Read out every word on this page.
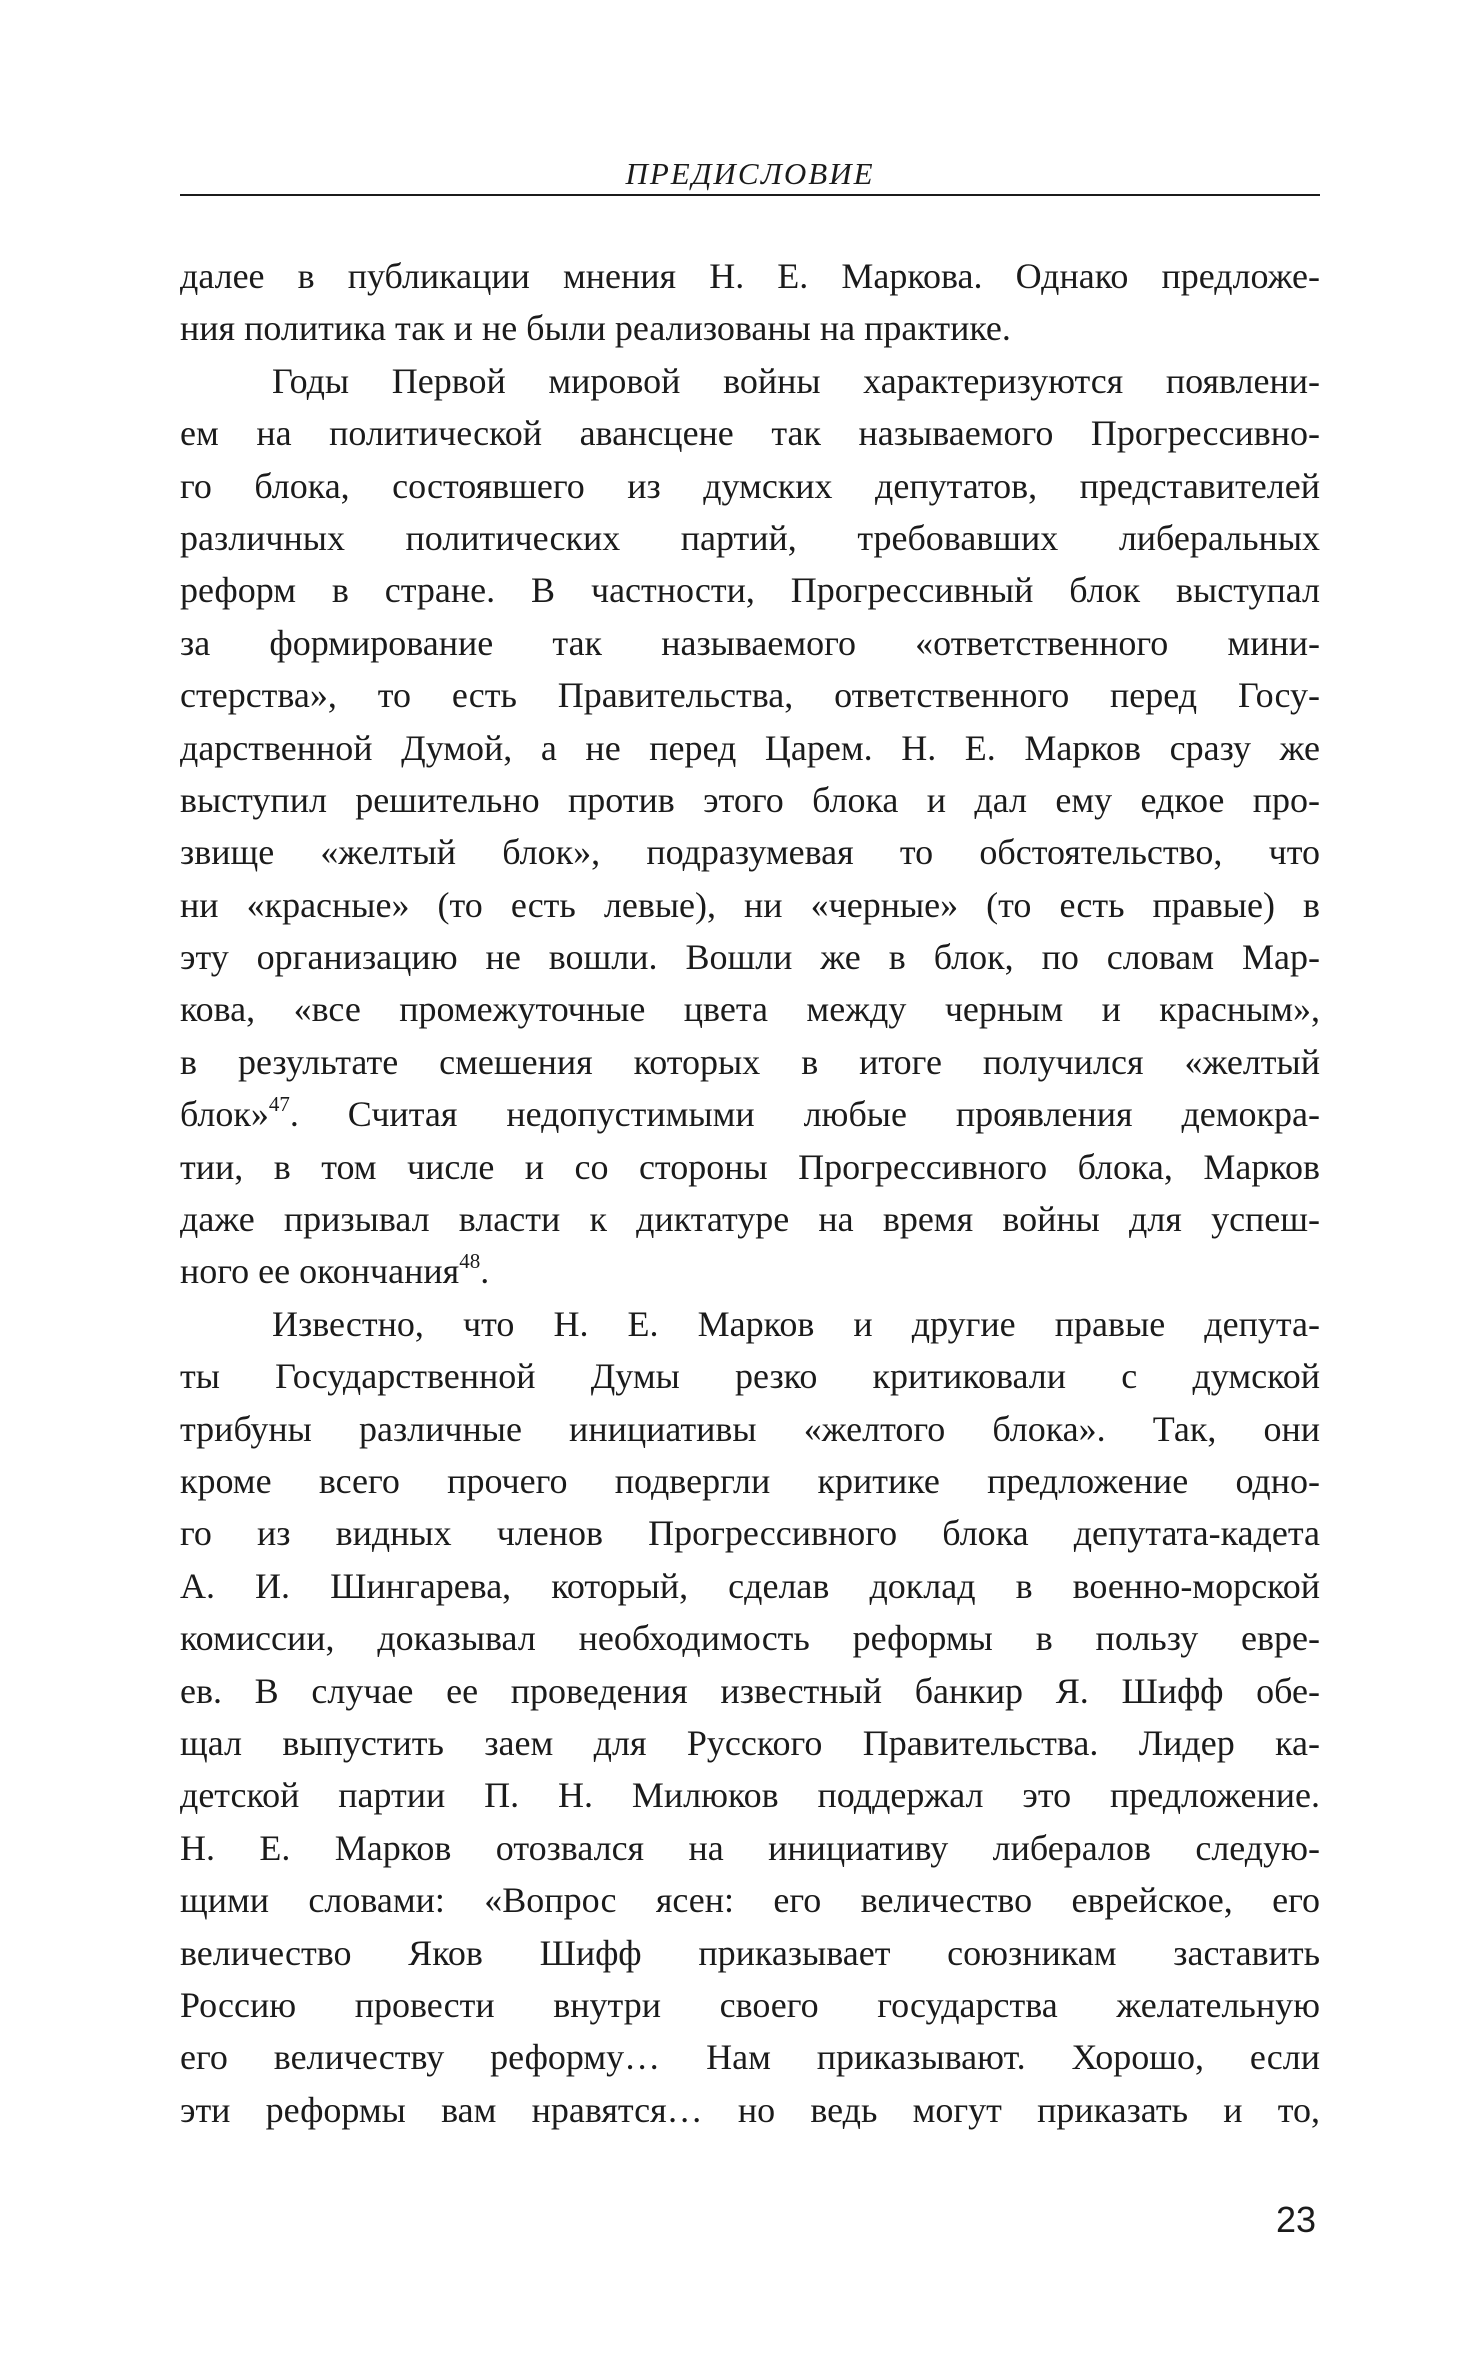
ПРЕДИСЛОВИЕ
далее в публикации мнения Н. Е. Маркова. Однако предложе-
ния политика так и не были реализованы на практике.
Годы Первой мировой войны характеризуются появлени-
ем на политической авансцене так называемого Прогрессивно-
го блока, состоявшего из думских депутатов, представителей
различных политических партий, требовавших либеральных
реформ в стране. В частности, Прогрессивный блок выступал
за формирование так называемого «ответственного мини-
стерства», то есть Правительства, ответственного перед Госу-
дарственной Думой, а не перед Царем. Н. Е. Марков сразу же
выступил решительно против этого блока и дал ему едкое про-
звище «желтый блок», подразумевая то обстоятельство, что
ни «красные» (то есть левые), ни «черные» (то есть правые) в
эту организацию не вошли. Вошли же в блок, по словам Мар-
кова, «все промежуточные цвета между черным и красным»,
в результате смешения которых в итоге получился «желтый
блок»$^{47}$. Считая недопустимыми любые проявления демокра-
тии, в том числе и со стороны Прогрессивного блока, Марков
даже призывал власти к диктатуре на время войны для успеш-
ного ее окончания$^{48}$.
Известно, что Н. Е. Марков и другие правые депута-
ты Государственной Думы резко критиковали с думской
трибуны различные инициативы «желтого блока». Так, они
кроме всего прочего подвергли критике предложение одно-
го из видных членов Прогрессивного блока депутата-кадета
А. И. Шингарева, который, сделав доклад в военно-морской
комиссии, доказывал необходимость реформы в пользу евре-
ев. В случае ее проведения известный банкир Я. Шифф обе-
щал выпустить заем для Русского Правительства. Лидер ка-
детской партии П. Н. Милюков поддержал это предложение.
Н. Е. Марков отозвался на инициативу либералов следую-
щими словами: «Вопрос ясен: его величество еврейское, его
величество Яков Шифф приказывает союзникам заставить
Россию провести внутри своего государства желательную
его величеству реформу… Нам приказывают. Хорошо, если
эти реформы вам нравятся… но ведь могут приказать и то,
23
